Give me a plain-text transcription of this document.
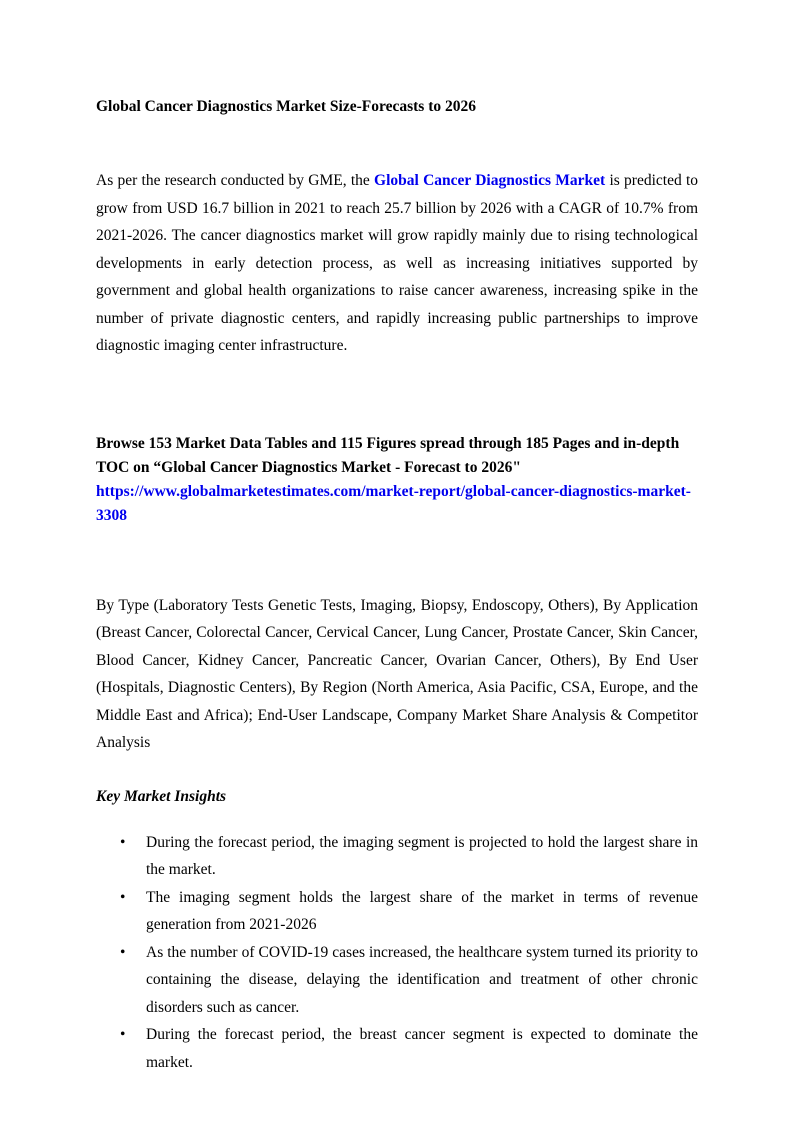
Global Cancer Diagnostics Market Size-Forecasts to 2026

As per the research conducted by GME, the Global Cancer Diagnostics Market is predicted to grow from USD 16.7 billion in 2021 to reach 25.7 billion by 2026 with a CAGR of 10.7% from 2021-2026. The cancer diagnostics market will grow rapidly mainly due to rising technological developments in early detection process, as well as increasing initiatives supported by government and global health organizations to raise cancer awareness, increasing spike in the number of private diagnostic centers, and rapidly increasing public partnerships to improve diagnostic imaging center infrastructure.

Browse 153 Market Data Tables and 115 Figures spread through 185 Pages and in-depth TOC on “Global Cancer Diagnostics Market - Forecast to 2026" https://www.globalmarketestimates.com/market-report/global-cancer-diagnostics-market-3308

By Type (Laboratory Tests Genetic Tests, Imaging, Biopsy, Endoscopy, Others), By Application (Breast Cancer, Colorectal Cancer, Cervical Cancer, Lung Cancer, Prostate Cancer, Skin Cancer, Blood Cancer, Kidney Cancer, Pancreatic Cancer, Ovarian Cancer, Others), By End User (Hospitals, Diagnostic Centers), By Region (North America, Asia Pacific, CSA, Europe, and the Middle East and Africa); End-User Landscape, Company Market Share Analysis & Competitor Analysis

Key Market Insights
• During the forecast period, the imaging segment is projected to hold the largest share in the market.
• The imaging segment holds the largest share of the market in terms of revenue generation from 2021-2026
• As the number of COVID-19 cases increased, the healthcare system turned its priority to containing the disease, delaying the identification and treatment of other chronic disorders such as cancer.
• During the forecast period, the breast cancer segment is expected to dominate the market.
